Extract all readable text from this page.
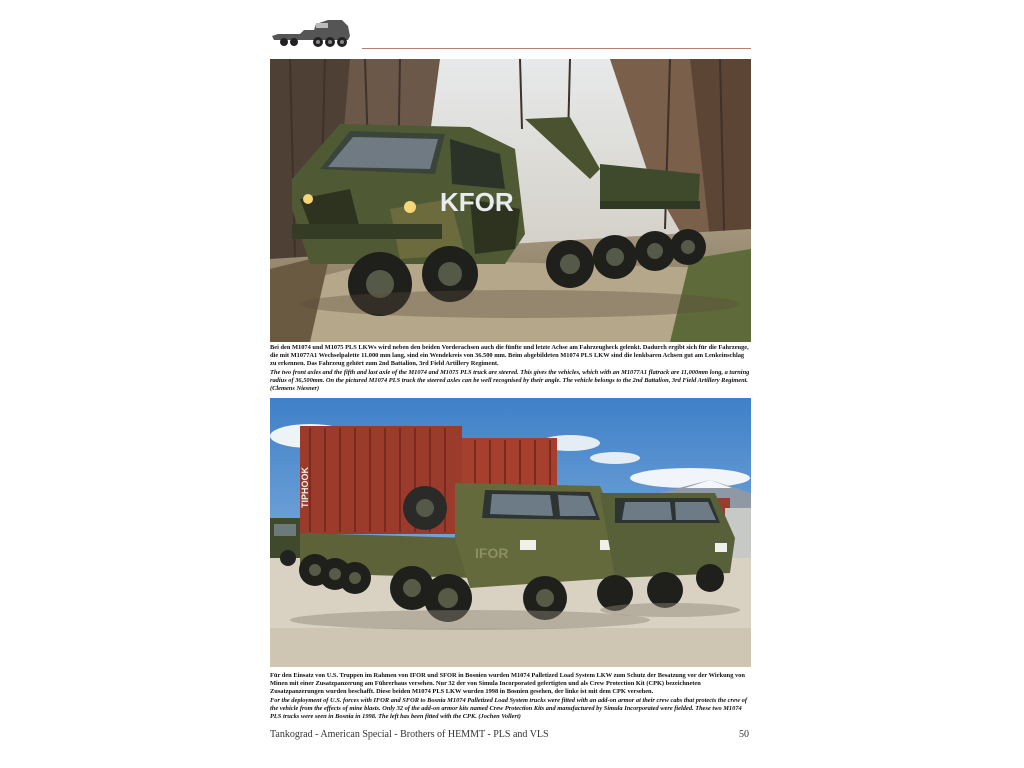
KFOR

Bei den M1074 und M1075 PLS LKWs wird neben den beiden Vorderachsen auch die fünfte und letzte Achse am Fahrzeugheck gelenkt. Dadurch ergibt sich für die Fahrzeuge, die mit M1077A1 Wechselpalette 11.000 mm lang, sind ein Wendekreis von 36.500 mm. Beim abgebildeten M1074 PLS LKW sind die lenkbaren Achsen gut am Lenkeinschlag zu erkennen. Das Fahrzeug gehört zum 2nd Battalion, 3rd Field Artillery Regiment.

The two front axles and the fifth and last axle of the M1074 and M1075 PLS truck are steered. This gives the vehicles, which with an M1077A1 flatrack are 11,000mm long, a turning radius of 36,500mm. On the pictured M1074 PLS truck the steered axles can be well recognised by their angle. The vehicle belongs to the 2nd Battalion, 3rd Field Artillery Regiment. (Clemens Niesner)

TIPHOOK
IFOR

Für den Einsatz von U.S. Truppen im Rahmen von IFOR und SFOR in Bosnien wurden M1074 Palletized Load System LKW zum Schutz der Besatzung vor der Wirkung von Minen mit einer Zusatzpanzerung am Führerhaus versehen. Nur 32 der von Simula Incorporated gefertigten und als Crew Protection Kit (CPK) bezeichneten Zusatzpanzerungen wurden beschafft. Diese beiden M1074 PLS LKW wurden 1998 in Bosnien gesehen, der linke ist mit dem CPK versehen.

For the deployment of U.S. forces with IFOR and SFOR to Bosnia M1074 Palletized Load System trucks were fitted with an add-on armor at their crew cabs that protects the crew of the vehicle from the effects of mine blasts. Only 32 of the add-on armor kits named Crew Protection Kits and manufactured by Simula Incorporated were fielded. These two M1074 PLS trucks were seen in Bosnia in 1998. The left has been fitted with the CPK. (Jochen Vollert)

Tankograd - American Special - Brothers of HEMMT - PLS and VLS	50
